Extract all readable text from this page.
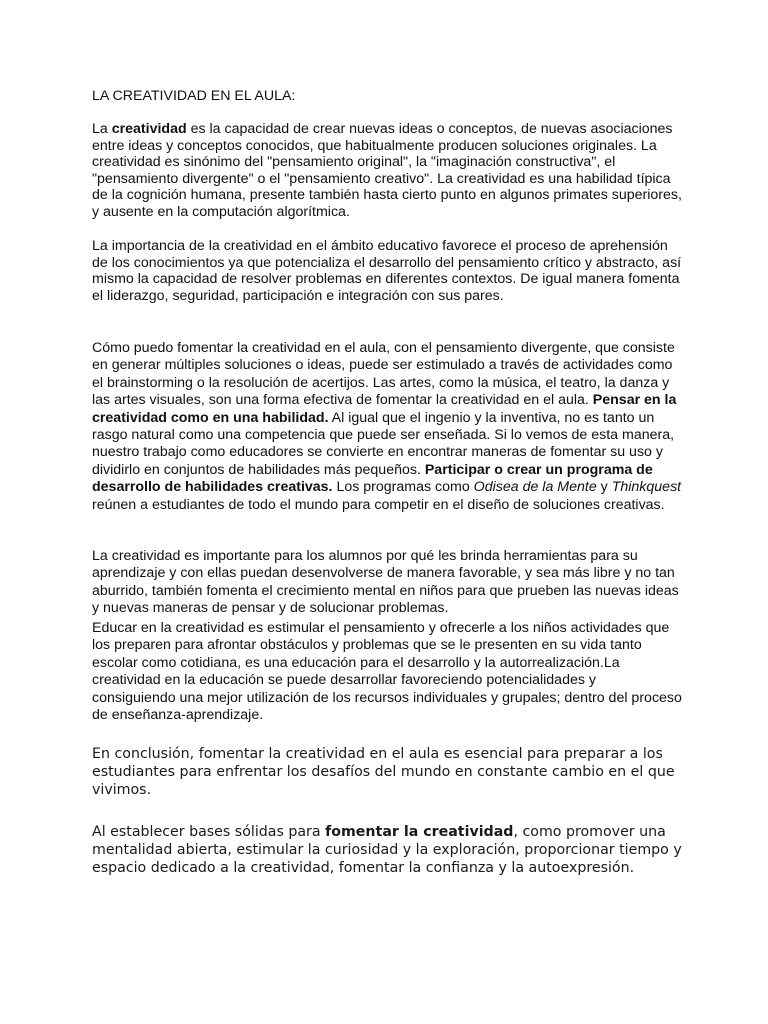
LA CREATIVIDAD EN EL AULA:

La creatividad es la capacidad de crear nuevas ideas o conceptos, de nuevas asociaciones entre ideas y conceptos conocidos, que habitualmente producen soluciones originales. La creatividad es sinónimo del "pensamiento original", la "imaginación constructiva", el "pensamiento divergente" o el "pensamiento creativo". La creatividad es una habilidad típica de la cognición humana, presente también hasta cierto punto en algunos primates superiores, y ausente en la computación algorítmica.

La importancia de la creatividad en el ámbito educativo favorece el proceso de aprehensión de los conocimientos ya que potencializa el desarrollo del pensamiento crítico y abstracto, así mismo la capacidad de resolver problemas en diferentes contextos. De igual manera fomenta el liderazgo, seguridad, participación e integración con sus pares.

Cómo puedo fomentar la creatividad en el aula, con el pensamiento divergente, que consiste en generar múltiples soluciones o ideas, puede ser estimulado a través de actividades como el brainstorming o la resolución de acertijos. Las artes, como la música, el teatro, la danza y las artes visuales, son una forma efectiva de fomentar la creatividad en el aula. Pensar en la creatividad como en una habilidad. Al igual que el ingenio y la inventiva, no es tanto un rasgo natural como una competencia que puede ser enseñada. Si lo vemos de esta manera, nuestro trabajo como educadores se convierte en encontrar maneras de fomentar su uso y dividirlo en conjuntos de habilidades más pequeños. Participar o crear un programa de desarrollo de habilidades creativas. Los programas como Odisea de la Mente y Thinkquest reúnen a estudiantes de todo el mundo para competir en el diseño de soluciones creativas.

La creatividad es importante para los alumnos por qué les brinda herramientas para su aprendizaje y con ellas puedan desenvolverse de manera favorable, y sea más libre y no tan aburrido, también fomenta el crecimiento mental en niños para que prueben las nuevas ideas y nuevas maneras de pensar y de solucionar problemas.

Educar en la creatividad es estimular el pensamiento y ofrecerle a los niños actividades que los preparen para afrontar obstáculos y problemas que se le presenten en su vida tanto escolar como cotidiana, es una educación para el desarrollo y la autorrealización.La creatividad en la educación se puede desarrollar favoreciendo potencialidades y consiguiendo una mejor utilización de los recursos individuales y grupales; dentro del proceso de enseñanza-aprendizaje.

En conclusión, fomentar la creatividad en el aula es esencial para preparar a los estudiantes para enfrentar los desafíos del mundo en constante cambio en el que vivimos.

Al establecer bases sólidas para fomentar la creatividad, como promover una mentalidad abierta, estimular la curiosidad y la exploración, proporcionar tiempo y espacio dedicado a la creatividad, fomentar la confianza y la autoexpresión.
